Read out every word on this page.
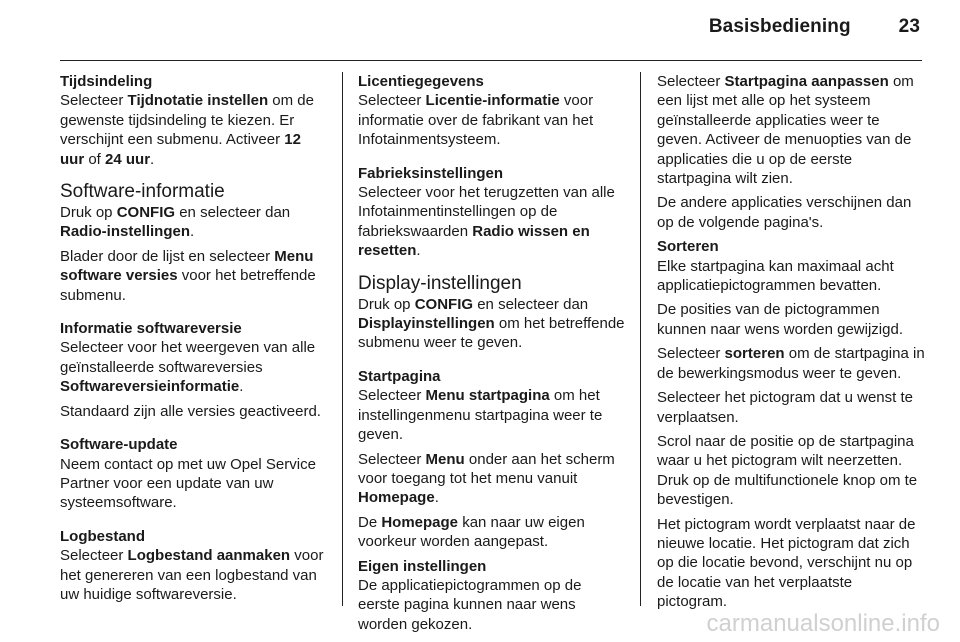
Basisbediening	23
Tijdsindeling

Selecteer Tijdnotatie instellen om de gewenste tijdsindeling te kiezen. Er verschijnt een submenu. Activeer 12 uur of 24 uur.

Software-informatie

Druk op CONFIG en selecteer dan Radio-instellingen.

Blader door de lijst en selecteer Menu software versies voor het betreffende submenu.

Informatie softwareversie

Selecteer voor het weergeven van alle geïnstalleerde softwareversies Softwareversieinformatie.

Standaard zijn alle versies geactiveerd.

Software-update

Neem contact op met uw Opel Service Partner voor een update van uw systeemsoftware.

Logbestand

Selecteer Logbestand aanmaken voor het genereren van een logbestand van uw huidige softwareversie.

Licentiegegevens

Selecteer Licentie-informatie voor informatie over de fabrikant van het Infotainmentsysteem.

Fabrieksinstellingen

Selecteer voor het terugzetten van alle Infotainmentinstellingen op de fabriekswaarden Radio wissen en resetten.

Display-instellingen

Druk op CONFIG en selecteer dan Displayinstellingen om het betreffende submenu weer te geven.

Startpagina

Selecteer Menu startpagina om het instellingenmenu startpagina weer te geven.

Selecteer Menu onder aan het scherm voor toegang tot het menu vanuit Homepage.

De Homepage kan naar uw eigen voorkeur worden aangepast.

Eigen instellingen

De applicatiepictogrammen op de eerste pagina kunnen naar wens worden gekozen.

Selecteer Startpagina aanpassen om een lijst met alle op het systeem geïnstalleerde applicaties weer te geven. Activeer de menuopties van de applicaties die u op de eerste startpagina wilt zien.

De andere applicaties verschijnen dan op de volgende pagina's.

Sorteren

Elke startpagina kan maximaal acht applicatiepictogrammen bevatten.

De posities van de pictogrammen kunnen naar wens worden gewijzigd.

Selecteer sorteren om de startpagina in de bewerkingsmodus weer te geven.

Selecteer het pictogram dat u wenst te verplaatsen.

Scrol naar de positie op de startpagina waar u het pictogram wilt neerzetten. Druk op de multifunctionele knop om te bevestigen.

Het pictogram wordt verplaatst naar de nieuwe locatie. Het pictogram dat zich op die locatie bevond, verschijnt nu op de locatie van het verplaatste pictogram.

carmanualsonline.info
